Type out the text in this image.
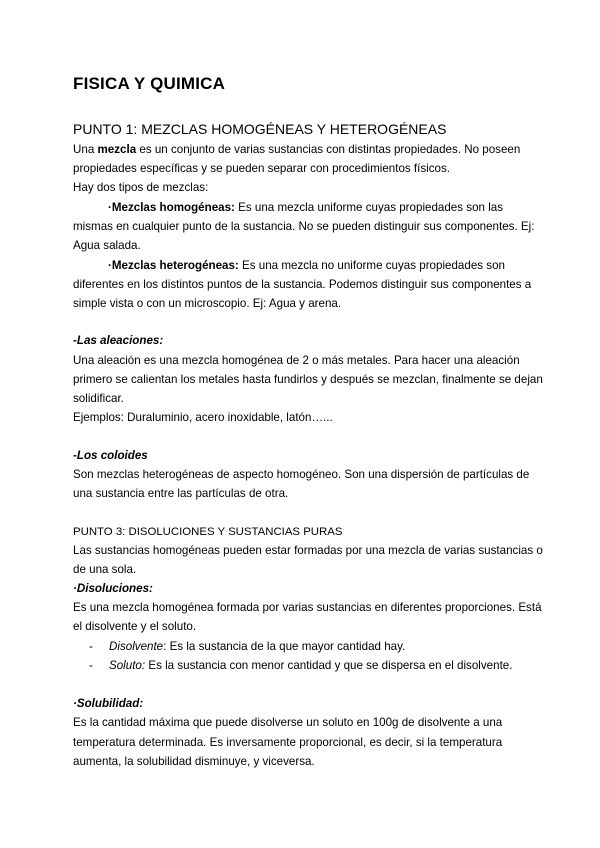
FISICA Y QUIMICA
PUNTO 1: MEZCLAS HOMOGÉNEAS Y HETEROGÉNEAS
Una mezcla es un conjunto de varias sustancias con distintas propiedades. No poseen
propiedades específicas y se pueden separar con procedimientos físicos.
Hay dos tipos de mezclas:
·Mezclas homogéneas: Es una mezcla uniforme cuyas propiedades son las
mismas en cualquier punto de la sustancia. No se pueden distinguir sus componentes. Ej:
Agua salada.
·Mezclas heterogéneas: Es una mezcla no uniforme cuyas propiedades son
diferentes en los distintos puntos de la sustancia. Podemos distinguir sus componentes a
simple vista o con un microscopio. Ej: Agua y arena.
-Las aleaciones:
Una aleación es una mezcla homogénea de 2 o más metales. Para hacer una aleación
primero se calientan los metales hasta fundirlos y después se mezclan, finalmente se dejan
solidificar.
Ejemplos: Duraluminio, acero inoxidable, latón…...
-Los coloides
Son mezclas heterogéneas de aspecto homogéneo. Son una dispersión de partículas de
una sustancia entre las partículas de otra.
PUNTO 3: DISOLUCIONES Y SUSTANCIAS PURAS
Las sustancias homogéneas pueden estar formadas por una mezcla de varias sustancias o
de una sola.
·Disoluciones:
Es una mezcla homogénea formada por varias sustancias en diferentes proporciones. Está
el disolvente y el soluto.
- Disolvente: Es la sustancia de la que mayor cantidad hay.
- Soluto: Es la sustancia con menor cantidad y que se dispersa en el disolvente.
·Solubilidad:
Es la cantidad máxima que puede disolverse un soluto en 100g de disolvente a una
temperatura determinada. Es inversamente proporcional, es decir, si la temperatura
aumenta, la solubilidad disminuye, y viceversa.
